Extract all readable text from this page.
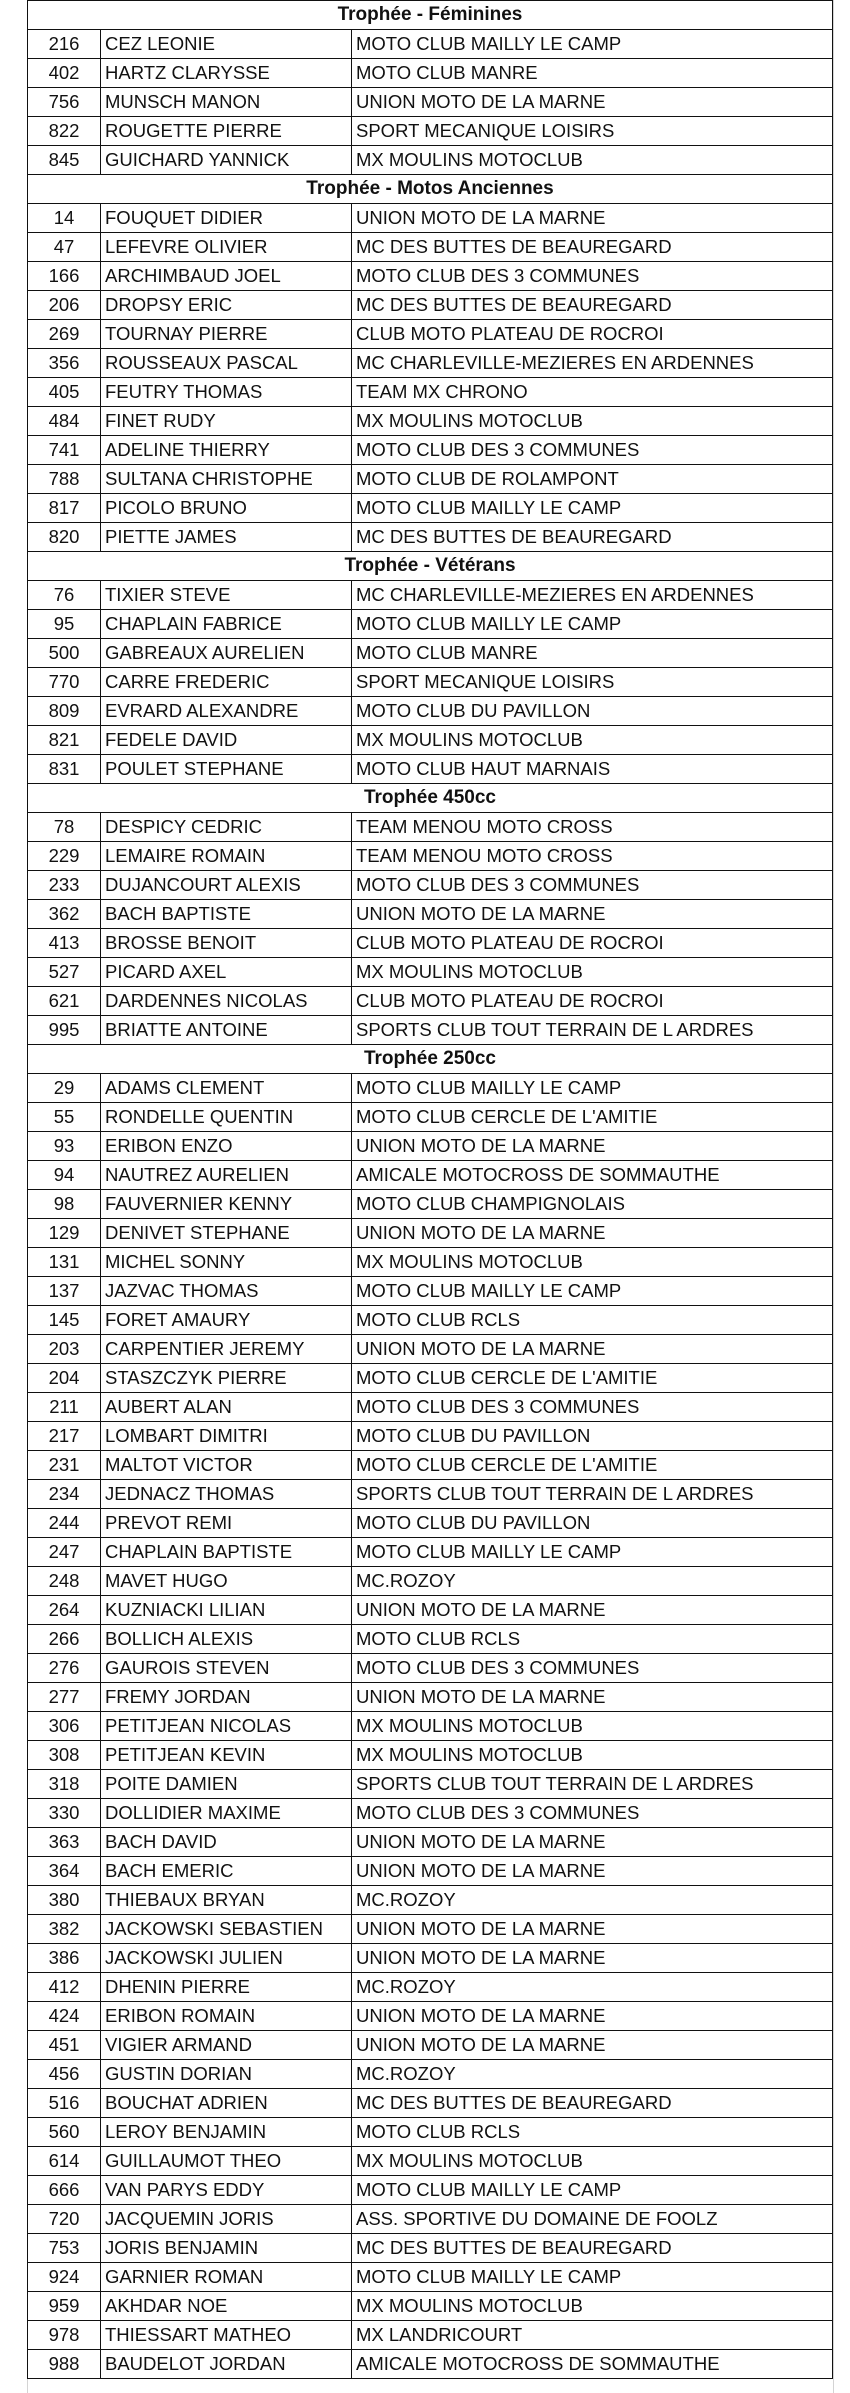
Trophée - Féminines		
216	CEZ LEONIE	MOTO CLUB MAILLY LE CAMP
402	HARTZ CLARYSSE	MOTO CLUB MANRE
756	MUNSCH MANON	UNION MOTO DE LA MARNE
822	ROUGETTE PIERRE	SPORT MECANIQUE LOISIRS
845	GUICHARD YANNICK	MX MOULINS MOTOCLUB
Trophée - Motos Anciennes		
14	FOUQUET DIDIER	UNION MOTO DE LA MARNE
47	LEFEVRE OLIVIER	MC DES BUTTES DE BEAUREGARD
166	ARCHIMBAUD JOEL	MOTO CLUB DES 3 COMMUNES
206	DROPSY ERIC	MC DES BUTTES DE BEAUREGARD
269	TOURNAY PIERRE	CLUB MOTO PLATEAU DE ROCROI
356	ROUSSEAUX PASCAL	MC CHARLEVILLE-MEZIERES EN ARDENNES
405	FEUTRY THOMAS	TEAM MX CHRONO
484	FINET RUDY	MX MOULINS MOTOCLUB
741	ADELINE THIERRY	MOTO CLUB DES 3 COMMUNES
788	SULTANA CHRISTOPHE	MOTO CLUB DE ROLAMPONT
817	PICOLO BRUNO	MOTO CLUB MAILLY LE CAMP
820	PIETTE JAMES	MC DES BUTTES DE BEAUREGARD
Trophée - Vétérans		
76	TIXIER STEVE	MC CHARLEVILLE-MEZIERES EN ARDENNES
95	CHAPLAIN FABRICE	MOTO CLUB MAILLY LE CAMP
500	GABREAUX AURELIEN	MOTO CLUB MANRE
770	CARRE FREDERIC	SPORT MECANIQUE LOISIRS
809	EVRARD ALEXANDRE	MOTO CLUB DU PAVILLON
821	FEDELE DAVID	MX MOULINS MOTOCLUB
831	POULET STEPHANE	MOTO CLUB HAUT MARNAIS
Trophée 450cc		
78	DESPICY CEDRIC	TEAM MENOU MOTO CROSS
229	LEMAIRE ROMAIN	TEAM MENOU MOTO CROSS
233	DUJANCOURT ALEXIS	MOTO CLUB DES 3 COMMUNES
362	BACH BAPTISTE	UNION MOTO DE LA MARNE
413	BROSSE BENOIT	CLUB MOTO PLATEAU DE ROCROI
527	PICARD AXEL	MX MOULINS MOTOCLUB
621	DARDENNES NICOLAS	CLUB MOTO PLATEAU DE ROCROI
995	BRIATTE ANTOINE	SPORTS CLUB TOUT TERRAIN DE L ARDRES
Trophée 250cc		
29	ADAMS CLEMENT	MOTO CLUB MAILLY LE CAMP
55	RONDELLE QUENTIN	MOTO CLUB CERCLE DE L'AMITIE
93	ERIBON ENZO	UNION MOTO DE LA MARNE
94	NAUTREZ AURELIEN	AMICALE MOTOCROSS DE SOMMAUTHE
98	FAUVERNIER KENNY	MOTO CLUB CHAMPIGNOLAIS
129	DENIVET STEPHANE	UNION MOTO DE LA MARNE
131	MICHEL SONNY	MX MOULINS MOTOCLUB
137	JAZVAC THOMAS	MOTO CLUB MAILLY LE CAMP
145	FORET AMAURY	MOTO CLUB RCLS
203	CARPENTIER JEREMY	UNION MOTO DE LA MARNE
204	STASZCZYK PIERRE	MOTO CLUB CERCLE DE L'AMITIE
211	AUBERT ALAN	MOTO CLUB DES 3 COMMUNES
217	LOMBART DIMITRI	MOTO CLUB DU PAVILLON
231	MALTOT VICTOR	MOTO CLUB CERCLE DE L'AMITIE
234	JEDNACZ THOMAS	SPORTS CLUB TOUT TERRAIN DE L ARDRES
244	PREVOT REMI	MOTO CLUB DU PAVILLON
247	CHAPLAIN BAPTISTE	MOTO CLUB MAILLY LE CAMP
248	MAVET HUGO	MC.ROZOY
264	KUZNIACKI LILIAN	UNION MOTO DE LA MARNE
266	BOLLICH ALEXIS	MOTO CLUB RCLS
276	GAUROIS STEVEN	MOTO CLUB DES 3 COMMUNES
277	FREMY JORDAN	UNION MOTO DE LA MARNE
306	PETITJEAN NICOLAS	MX MOULINS MOTOCLUB
308	PETITJEAN KEVIN	MX MOULINS MOTOCLUB
318	POITE DAMIEN	SPORTS CLUB TOUT TERRAIN DE L ARDRES
330	DOLLIDIER MAXIME	MOTO CLUB DES 3 COMMUNES
363	BACH DAVID	UNION MOTO DE LA MARNE
364	BACH EMERIC	UNION MOTO DE LA MARNE
380	THIEBAUX BRYAN	MC.ROZOY
382	JACKOWSKI SEBASTIEN	UNION MOTO DE LA MARNE
386	JACKOWSKI JULIEN	UNION MOTO DE LA MARNE
412	DHENIN PIERRE	MC.ROZOY
424	ERIBON ROMAIN	UNION MOTO DE LA MARNE
451	VIGIER ARMAND	UNION MOTO DE LA MARNE
456	GUSTIN DORIAN	MC.ROZOY
516	BOUCHAT ADRIEN	MC DES BUTTES DE BEAUREGARD
560	LEROY BENJAMIN	MOTO CLUB RCLS
614	GUILLAUMOT THEO	MX MOULINS MOTOCLUB
666	VAN PARYS EDDY	MOTO CLUB MAILLY LE CAMP
720	JACQUEMIN JORIS	ASS. SPORTIVE DU DOMAINE DE FOOLZ
753	JORIS BENJAMIN	MC DES BUTTES DE BEAUREGARD
924	GARNIER ROMAN	MOTO CLUB MAILLY LE CAMP
959	AKHDAR NOE	MX MOULINS MOTOCLUB
978	THIESSART MATHEO	MX LANDRICOURT
988	BAUDELOT JORDAN	AMICALE MOTOCROSS DE SOMMAUTHE
